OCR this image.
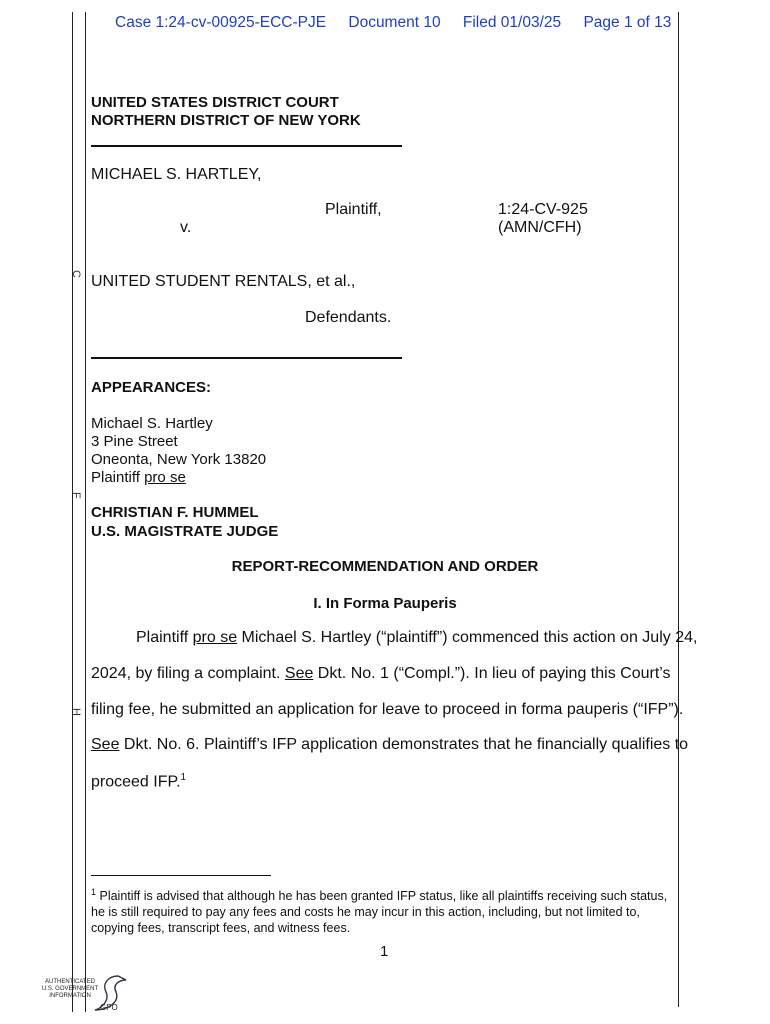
C
F
H
Case 1:24-cv-00925-ECC-PJE Document 10 Filed 01/03/25 Page 1 of 13
UNITED STATES DISTRICT COURT
NORTHERN DISTRICT OF NEW YORK
MICHAEL S. HARTLEY,
Plaintiff,
v.
1:24-CV-925
(AMN/CFH)
UNITED STUDENT RENTALS, et al.,
Defendants.
APPEARANCES:
Michael S. Hartley
3 Pine Street
Oneonta, New York 13820
Plaintiff pro se
CHRISTIAN F. HUMMEL
U.S. MAGISTRATE JUDGE
REPORT-RECOMMENDATION AND ORDER
I. In Forma Pauperis
Plaintiff pro se Michael S. Hartley (“plaintiff”) commenced this action on July 24,
2024, by filing a complaint. See Dkt. No. 1 (“Compl.”). In lieu of paying this Court’s
filing fee, he submitted an application for leave to proceed in forma pauperis (“IFP”).
See Dkt. No. 6. Plaintiff’s IFP application demonstrates that he financially qualifies to
proceed IFP.$^1$
$^1$ Plaintiff is advised that although he has been granted IFP status, like all plaintiffs receiving such status, he is still required to pay any fees and costs he may incur in this action, including, but not limited to, copying fees, transcript fees, and witness fees.
1
AUTHENTICATED
U.S. GOVERNMENT
INFORMATION
GPO
